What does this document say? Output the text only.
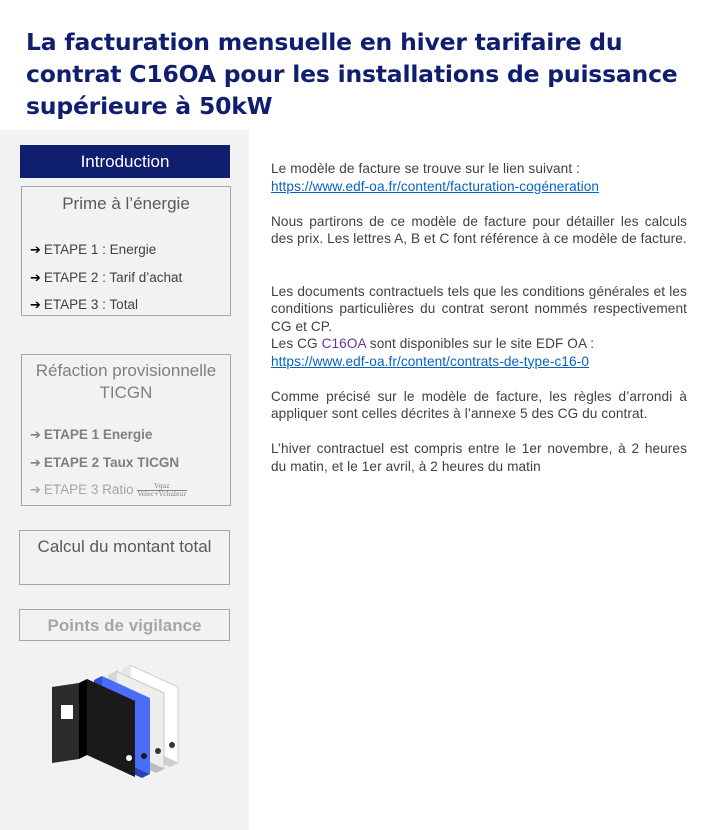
La facturation mensuelle en hiver tarifaire du contrat C16OA pour les installations de puissance supérieure à 50kW
Introduction
Prime à l’énergie
➔ ETAPE 1 : Energie
➔ ETAPE 2 : Tarif d’achat
➔ ETAPE 3 : Total
Réfaction provisionnelle TICGN
➔ ETAPE 1 Energie
➔ ETAPE 2 Taux TICGN
➔ ETAPE 3 Ratio $\frac{\text{Vgaz}}{\text{Velec+Vchaleur}}$
Calcul du montant total
Points de vigilance

Le modèle de facture se trouve sur le lien suivant :
https://www.edf-oa.fr/content/facturation-cogéneration

Nous partirons de ce modèle de facture pour détailler les calculs des prix. Les lettres A, B et C font référence à ce modèle de facture.

Les documents contractuels tels que les conditions générales et les conditions particulières du contrat seront nommés respectivement CG et CP.

Les CG C16OA sont disponibles sur le site EDF OA :
https://www.edf-oa.fr/content/contrats-de-type-c16-0

Comme précisé sur le modèle de facture, les règles d’arrondi à appliquer sont celles décrites à l’annexe 5 des CG du contrat.

L’hiver contractuel est compris entre le 1er novembre, à 2 heures du matin, et le 1er avril, à 2 heures du matin
